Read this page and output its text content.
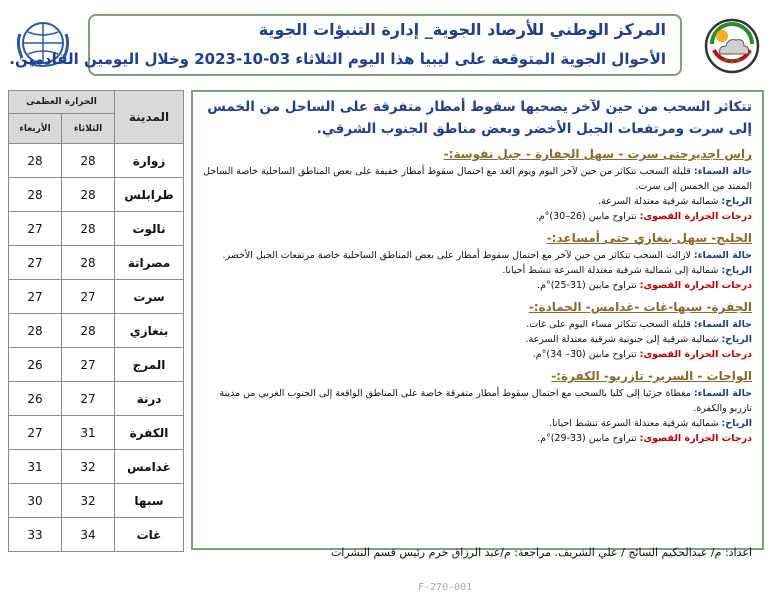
المركز الوطني للأرصاد الجوية_ إدارة التنبؤات الجوية
الأحوال الجوية المتوقعة على ليبيا هذا اليوم الثلاثاء 03-10-2023 وخلال اليومين القادمين.
المدينة	الحرارة العظمى	
	الثلاثاء	الأربعاء
زوارة	28	28
طرابلس	28	28
نالوت	28	27
مصراتة	28	27
سرت	27	27
بنغازي	28	28
المرج	27	26
درنة	27	26
الكفرة	31	27
غدامس	32	31
سبها	32	30
غات	34	33

تتكاثر السحب من حين لآخر يصحبها سقوط أمطار متفرقة على الساحل من الخمس إلى سرت ومرتفعات الجبل الأخضر وبعض مناطق الجنوب الشرقي.

راس اجديرحتى سرت - سهل الجفارة - جبل نفوسة:-

حالة السماء: قليلة السحب تتكاثر من حين لآخر اليوم ويوم الغد مع احتمال سقوط أمطار خفيفة على بعض المناطق الساحلية خاصة الساحل الممتد من الخمس إلى سرت.

الرياح: شمالية شرقية معتدلة السرعة.

درجات الحرارة القصوى: تتراوح مابين (26–30)°م.

الخليج- سهل بنغازي حتى أمساعد:-

حالة السماء: لازالت السحب تتكاثر من حين لآخر مع احتمال سقوط أمطار على بعض المناطق الساحلية خاصة مرتفعات الجبل الأخضر.

الرياح: شمالية إلى شمالية شرقية معتدلة السرعة تنشط أحيانا.

درجات الحرارة القصوى: تتراوح مابين (31-25)°م.

الجفرة- سبها-غات -غدامس- الحمادة:-

حالة السماء: قليلة السحب تتكاثر مساء اليوم على غات.

الرياح: شمالية شرقية إلى جنوبية شرقية معتدلة السرعة.

درجات الحرارة القصوى: تتراوح مابين (30– 34)°م.

الواحات - السرير- تازربو- الكفرة:-

حالة السماء: مغطاة جزئيا إلى كليا بالسحب مع احتمال سقوط أمطار متفرقة خاصة على المناطق الواقعة إلى الجنوب الغربي من مدينة تازربو والكفرة.

الرياح: شمالية شرقية معتدلة السرعة تنشط احيانا.

درجات الحرارة القصوى: تتراوح مابين (33-29)°م.

اعداد: م/ عبدالحكيم السائح / علي الشريف. مراجعة: م/عبد الرزاق خرم رئيس قسم النشرات
F-270-001
